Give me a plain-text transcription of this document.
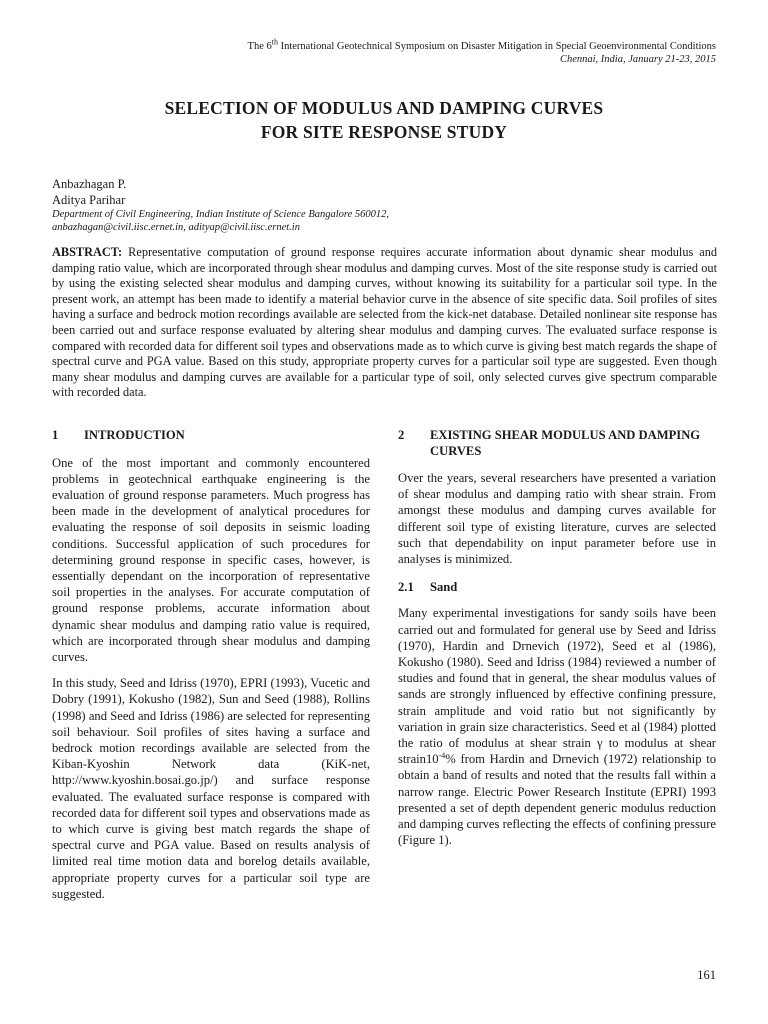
The 6th International Geotechnical Symposium on Disaster Mitigation in Special Geoenvironmental Conditions
Chennai, India, January 21-23, 2015
SELECTION OF MODULUS AND DAMPING CURVES
FOR SITE RESPONSE STUDY
Anbazhagan P.
Aditya Parihar
Department of Civil Engineering, Indian Institute of Science Bangalore 560012,
anbazhagan@civil.iisc.ernet.in, adityap@civil.iisc.ernet.in
ABSTRACT: Representative computation of ground response requires accurate information about dynamic shear modulus and damping ratio value, which are incorporated through shear modulus and damping curves. Most of the site response study is carried out by using the existing selected shear modulus and damping curves, without knowing its suitability for a particular soil type. In the present work, an attempt has been made to identify a material behavior curve in the absence of site specific data. Soil profiles of sites having a surface and bedrock motion recordings available are selected from the kick-net database. Detailed nonlinear site response has been carried out and surface response evaluated by altering shear modulus and damping curves. The evaluated surface response is compared with recorded data for different soil types and observations made as to which curve is giving best match regards the shape of spectral curve and PGA value. Based on this study, appropriate property curves for a particular soil type are suggested. Even though many shear modulus and damping curves are available for a particular type of soil, only selected curves give spectrum comparable with recorded data.
1	INTRODUCTION

One of the most important and commonly encountered problems in geotechnical earthquake engineering is the evaluation of ground response parameters. Much progress has been made in the development of analytical procedures for evaluating the response of soil deposits in seismic loading conditions. Successful application of such procedures for determining ground response in specific cases, however, is essentially dependant on the incorporation of representative soil properties in the analyses. For accurate computation of ground response problems, accurate information about dynamic shear modulus and damping ratio value is required, which are incorporated through shear modulus and damping curves.

In this study, Seed and Idriss (1970), EPRI (1993), Vucetic and Dobry (1991), Kokusho (1982), Sun and Seed (1988), Rollins (1998) and Seed and Idriss (1986) are selected for representing soil behaviour. Soil profiles of sites having a surface and bedrock motion recordings available are selected from the Kiban-Kyoshin Network data (KiK-net, http://www.kyoshin.bosai.go.jp/) and surface response evaluated. The evaluated surface response is compared with recorded data for different soil types and observations made as to which curve is giving best match regards the shape of spectral curve and PGA value. Based on results analysis of limited real time motion data and borelog details available, appropriate property curves for a particular soil type are suggested.

2	EXISTING SHEAR MODULUS AND DAMPING CURVES

Over the years, several researchers have presented a variation of shear modulus and damping ratio with shear strain. From amongst these modulus and damping curves available for different soil type of existing literature, curves are selected such that dependability on input parameter before use in analyses is minimized.

2.1	Sand

Many experimental investigations for sandy soils have been carried out and formulated for general use by Seed and Idriss (1970), Hardin and Drnevich (1972), Seed et al (1986), Kokusho (1980). Seed and Idriss (1984) reviewed a number of studies and found that in general, the shear modulus values of sands are strongly influenced by effective confining pressure, strain amplitude and void ratio but not significantly by variation in grain size characteristics. Seed et al (1984) plotted the ratio of modulus at shear strain γ to modulus at shear $strain10^{-4}\%$ from Hardin and Drnevich (1972) relationship to obtain a band of results and noted that the results fall within a narrow range. Electric Power Research Institute (EPRI) 1993 presented a set of depth dependent generic modulus reduction and damping curves reflecting the effects of confining pressure (Figure 1).

161
